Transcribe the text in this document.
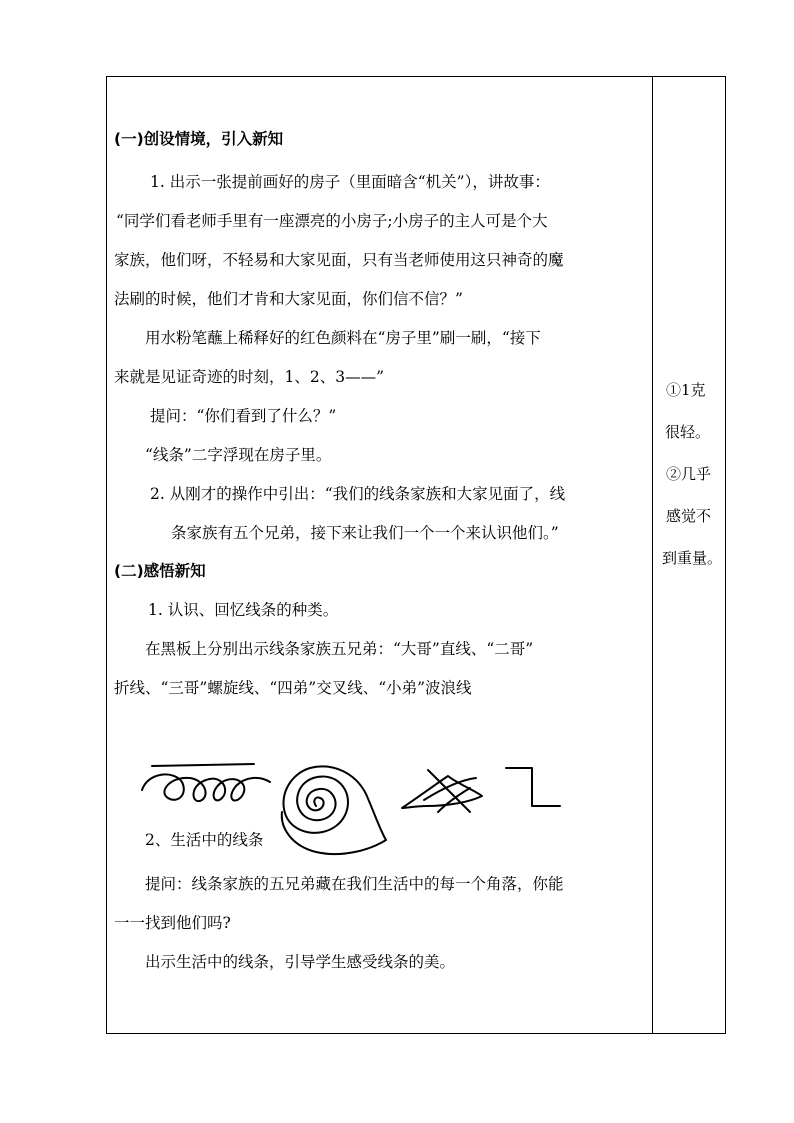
(一)创设情境，引入新知

1. 出示一张提前画好的房子（里面暗含“机关”），讲故事：

“同学们看老师手里有一座漂亮的小房子;小房子的主人可是个大

家族，他们呀，不轻易和大家见面，只有当老师使用这只神奇的魔

法刷的时候，他们才肯和大家见面，你们信不信？”

用水粉笔蘸上稀释好的红色颜料在“房子里”刷一刷，“接下

来就是见证奇迹的时刻，1、2、3——”

提问：“你们看到了什么？”

“线条”二字浮现在房子里。

2. 从刚才的操作中引出：“我们的线条家族和大家见面了，线

条家族有五个兄弟，接下来让我们一个一个来认识他们。”

(二)感悟新知

1. 认识、回忆线条的种类。

在黑板上分别出示线条家族五兄弟：“大哥”直线、“二哥”

折线、“三哥”螺旋线、“四弟”交叉线、“小弟”波浪线

2、生活中的线条

提问：线条家族的五兄弟藏在我们生活中的每一个角落，你能

一一找到他们吗?

出示生活中的线条，引导学生感受线条的美。

①1克

很轻。

②几乎

感觉不

到重量。
